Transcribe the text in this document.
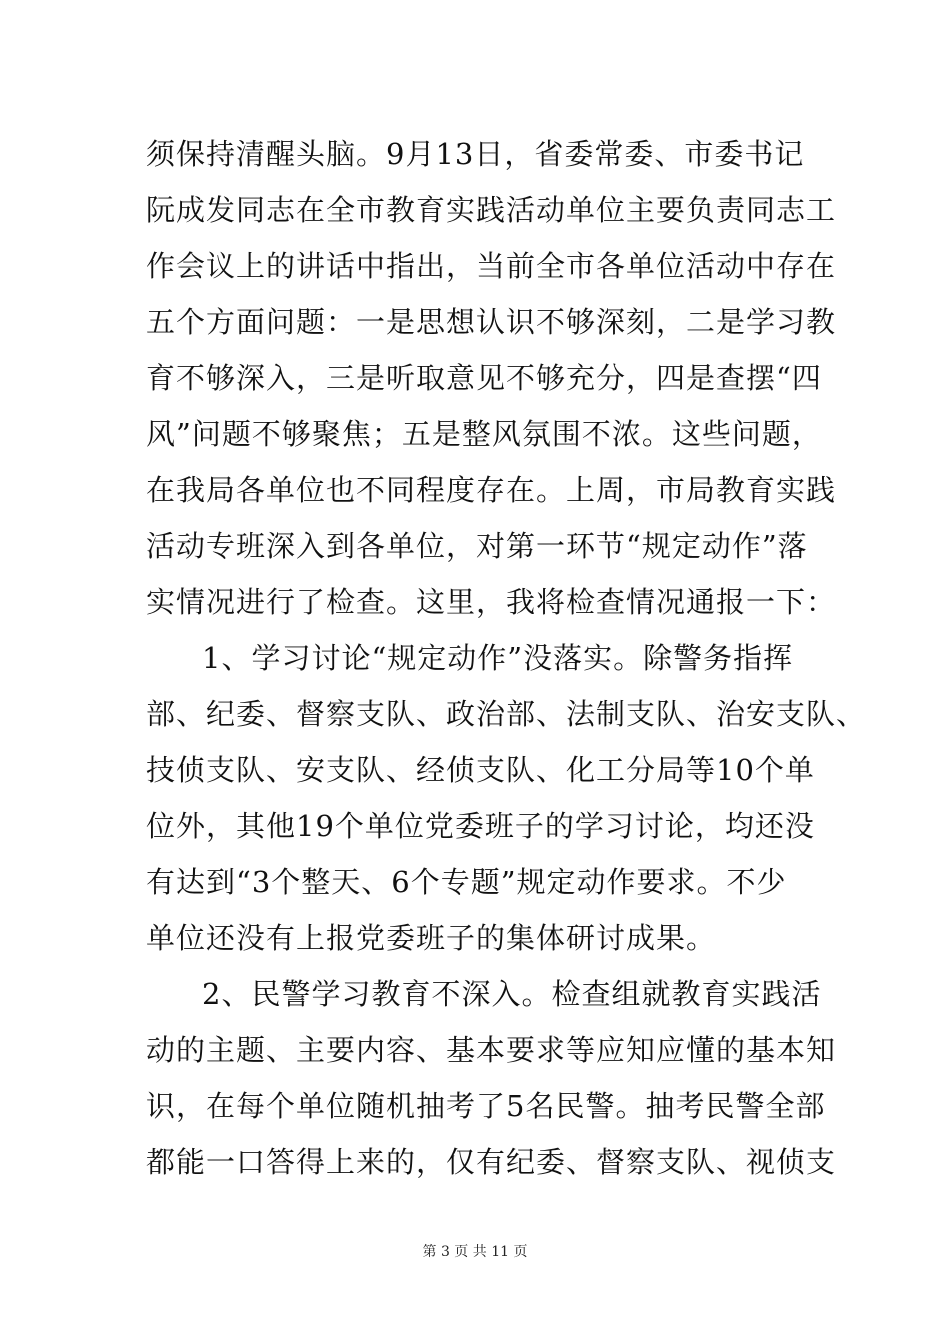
须保持清醒头脑。9月13日，省委常委、市委书记
阮成发同志在全市教育实践活动单位主要负责同志工
作会议上的讲话中指出，当前全市各单位活动中存在
五个方面问题：一是思想认识不够深刻，二是学习教
育不够深入，三是听取意见不够充分，四是查摆“四
风”问题不够聚焦；五是整风氛围不浓。这些问题，
在我局各单位也不同程度存在。上周，市局教育实践
活动专班深入到各单位，对第一环节“规定动作”落
实情况进行了检查。这里，我将检查情况通报一下：
1、学习讨论“规定动作”没落实。除警务指挥
部、纪委、督察支队、政治部、法制支队、治安支队、
技侦支队、安支队、经侦支队、化工分局等10个单
位外，其他19个单位党委班子的学习讨论，均还没
有达到“3个整天、6个专题”规定动作要求。不少
单位还没有上报党委班子的集体研讨成果。
2、民警学习教育不深入。检查组就教育实践活
动的主题、主要内容、基本要求等应知应懂的基本知
识，在每个单位随机抽考了5名民警。抽考民警全部
都能一口答得上来的，仅有纪委、督察支队、视侦支
第 3 页 共 11 页
